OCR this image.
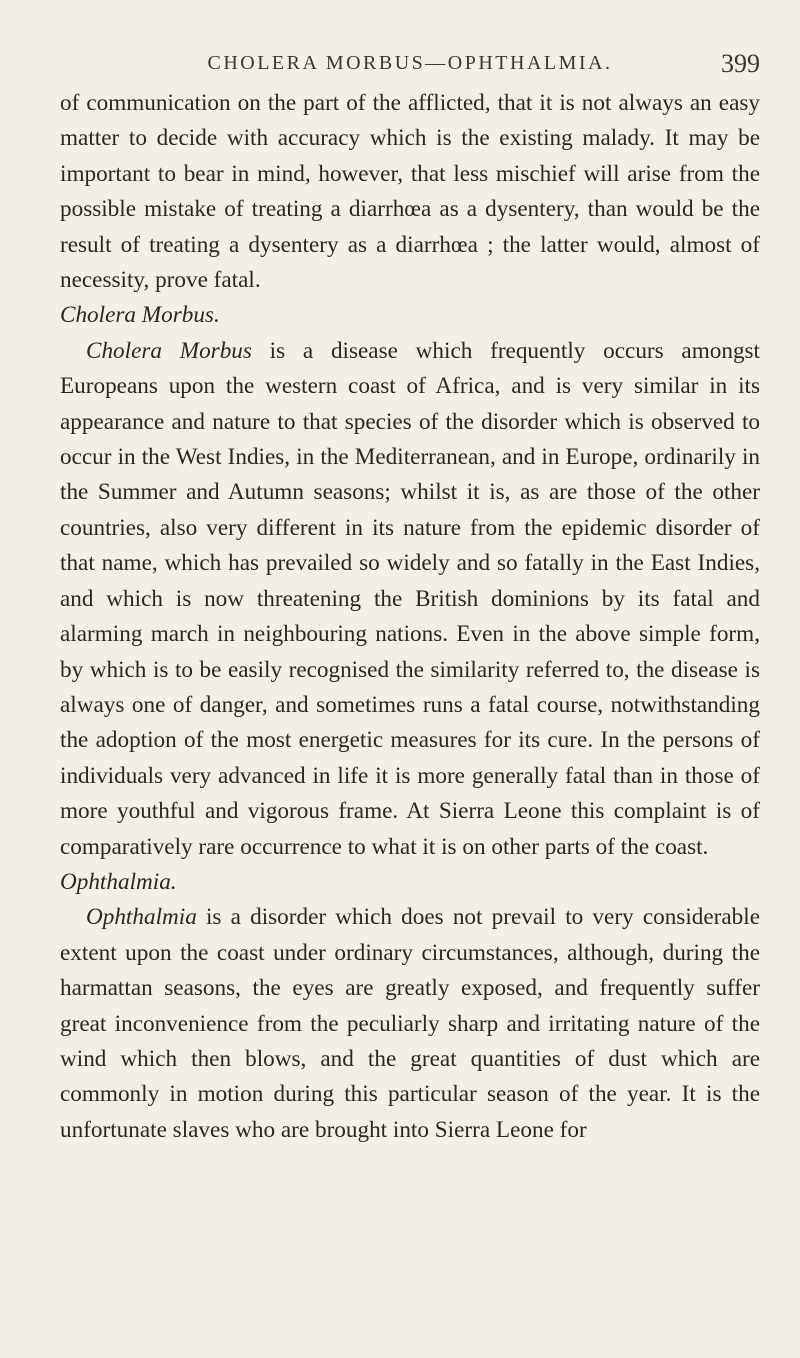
CHOLERA MORBUS—OPHTHALMIA.	399

of communication on the part of the afflicted, that it is not always an easy matter to decide with accuracy which is the existing malady. It may be important to bear in mind, however, that less mischief will arise from the possible mistake of treating a diarrhœa as a dysentery, than would be the result of treating a dysentery as a diarrhœa ; the latter would, almost of necessity, prove fatal.

Cholera Morbus.

Cholera Morbus is a disease which frequently occurs amongst Europeans upon the western coast of Africa, and is very similar in its appearance and nature to that species of the disorder which is observed to occur in the West Indies, in the Mediterranean, and in Europe, ordinarily in the Summer and Autumn seasons; whilst it is, as are those of the other countries, also very different in its nature from the epidemic disorder of that name, which has prevailed so widely and so fatally in the East Indies, and which is now threatening the British dominions by its fatal and alarming march in neighbouring nations. Even in the above simple form, by which is to be easily recognised the similarity referred to, the disease is always one of danger, and sometimes runs a fatal course, notwithstanding the adoption of the most energetic measures for its cure. In the persons of individuals very advanced in life it is more generally fatal than in those of more youthful and vigorous frame. At Sierra Leone this complaint is of comparatively rare occurrence to what it is on other parts of the coast.

Ophthalmia.

Ophthalmia is a disorder which does not prevail to very considerable extent upon the coast under ordinary circumstances, although, during the harmattan seasons, the eyes are greatly exposed, and frequently suffer great inconvenience from the peculiarly sharp and irritating nature of the wind which then blows, and the great quantities of dust which are commonly in motion during this particular season of the year. It is the unfortunate slaves who are brought into Sierra Leone for
